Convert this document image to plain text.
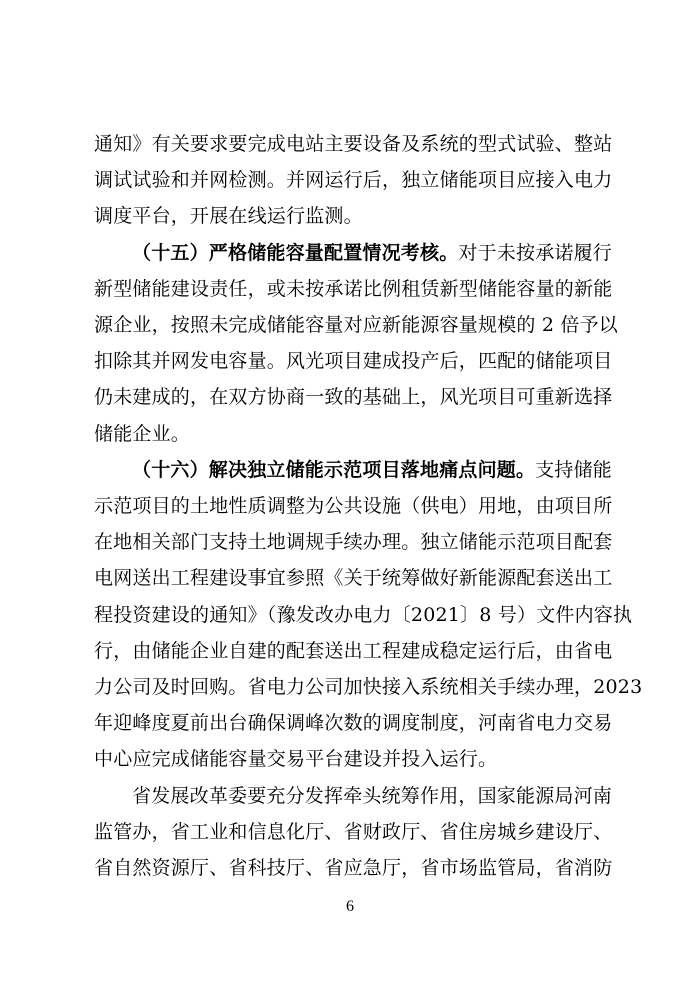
通知》有关要求要完成电站主要设备及系统的型式试验、整站
调试试验和并网检测。并网运行后，独立储能项目应接入电力
调度平台，开展在线运行监测。
（十五）严格储能容量配置情况考核。对于未按承诺履行
新型储能建设责任，或未按承诺比例租赁新型储能容量的新能
源企业，按照未完成储能容量对应新能源容量规模的 2 倍予以
扣除其并网发电容量。风光项目建成投产后，匹配的储能项目
仍未建成的，在双方协商一致的基础上，风光项目可重新选择
储能企业。
（十六）解决独立储能示范项目落地痛点问题。支持储能
示范项目的土地性质调整为公共设施（供电）用地，由项目所
在地相关部门支持土地调规手续办理。独立储能示范项目配套
电网送出工程建设事宜参照《关于统筹做好新能源配套送出工
程投资建设的通知》（豫发改办电力〔2021〕8 号）文件内容执
行，由储能企业自建的配套送出工程建成稳定运行后，由省电
力公司及时回购。省电力公司加快接入系统相关手续办理，2023
年迎峰度夏前出台确保调峰次数的调度制度，河南省电力交易
中心应完成储能容量交易平台建设并投入运行。
省发展改革委要充分发挥牵头统筹作用，国家能源局河南
监管办，省工业和信息化厅、省财政厅、省住房城乡建设厅、
省自然资源厅、省科技厅、省应急厅，省市场监管局，省消防
6
